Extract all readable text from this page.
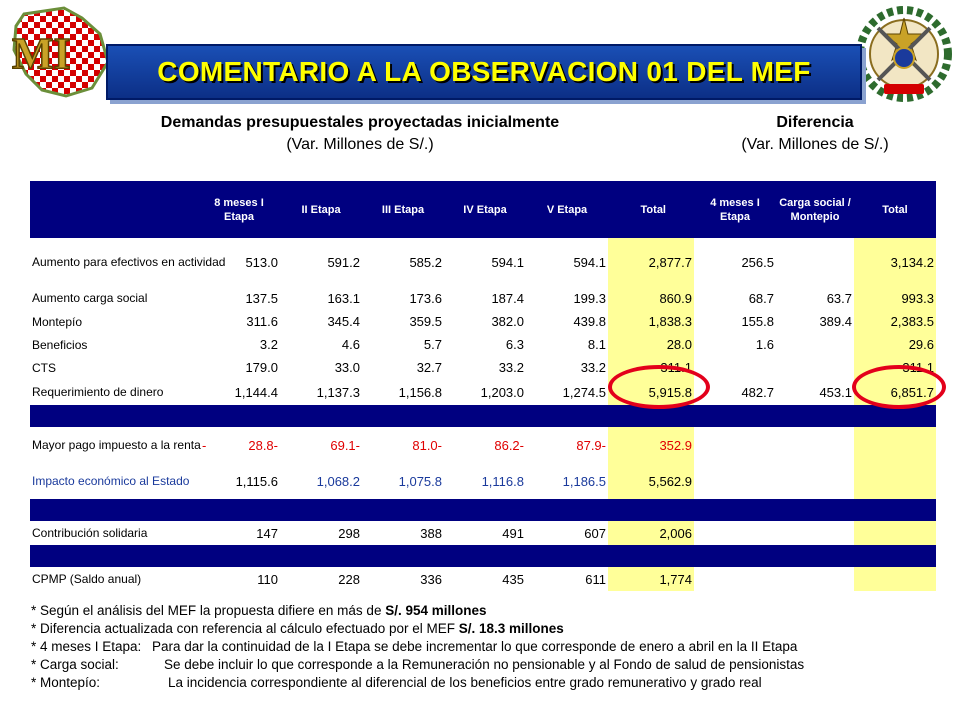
MI	COMENTARIO A LA OBSERVACION 01 DEL MEF
Demandas presupuestales proyectadas inicialmente
(Var. Millones de S/.)
Diferencia
(Var. Millones de S/.)
	8 meses I Etapa	II Etapa	III Etapa	IV Etapa	V Etapa	Total	4 meses I Etapa	Carga social / Montepio	Total
Aumento para efectivos en actividad	513.0	591.2	585.2	594.1	594.1	2,877.7	256.5		3,134.2
Aumento carga social	137.5	163.1	173.6	187.4	199.3	860.9	68.7	63.7	993.3
Montepío	311.6	345.4	359.5	382.0	439.8	1,838.3	155.8	389.4	2,383.5
Beneficios	3.2	4.6	5.7	6.3	8.1	28.0	1.6		29.6
CTS	179.0	33.0	32.7	33.2	33.2	311.1			311.1
Requerimiento de dinero	1,144.4	1,137.3	1,156.8	1,203.0	1,274.5	5,915.8	482.7	453.1	6,851.7

Mayor pago impuesto a la renta	- 28.8-	69.1-	81.0-	86.2-	87.9-	352.9			
Impacto económico al Estado	1,115.6	1,068.2	1,075.8	1,116.8	1,186.5	5,562.9			

Contribución solidaria	147	298	388	491	607	2,006			

CPMP (Saldo anual)	110	228	336	435	611	1,774			
* Según el análisis del MEF la propuesta difiere en más de S/. 954 millones
* Diferencia actualizada con referencia al cálculo efectuado por el MEF S/. 18.3 millones
* 4 meses I Etapa: Para dar la continuidad de la I Etapa se debe incrementar lo que corresponde de enero a abril en la II Etapa
* Carga social:	Se debe incluir lo que corresponde a la Remuneración no pensionable y al Fondo de salud de pensionistas
* Montepío:	La incidencia correspondiente al diferencial de los beneficios entre grado remunerativo y grado real
